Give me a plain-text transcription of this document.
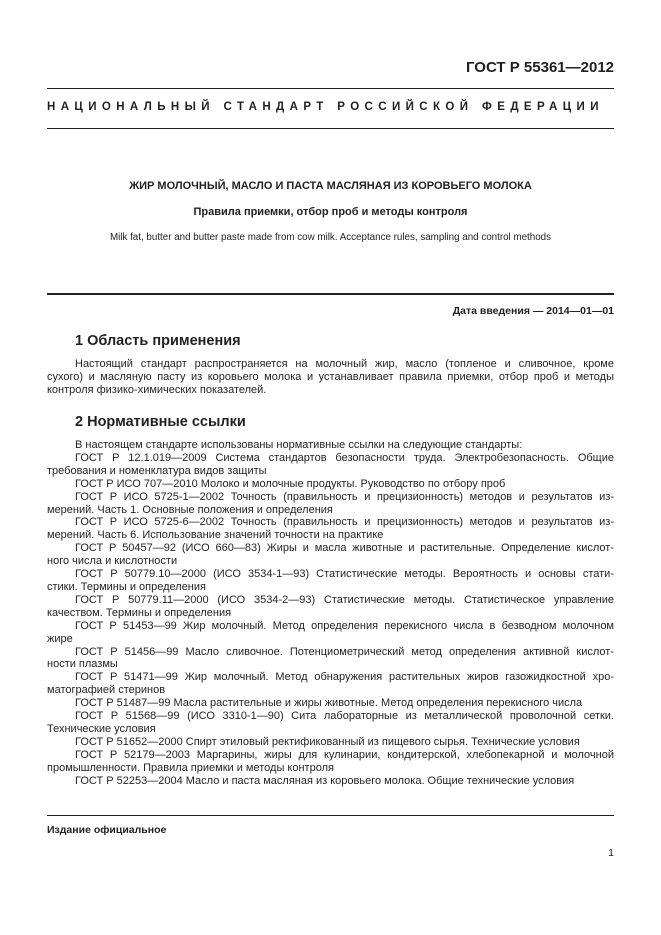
ГОСТ Р 55361—2012
НАЦИОНАЛЬНЫЙ СТАНДАРТ РОССИЙСКОЙ ФЕДЕРАЦИИ
ЖИР МОЛОЧНЫЙ, МАСЛО И ПАСТА МАСЛЯНАЯ ИЗ КОРОВЬЕГО МОЛОКА
Правила приемки, отбор проб и методы контроля
Milk fat, butter and butter paste made from cow milk. Acceptance rules, sampling and control methods
Дата введения — 2014—01—01
1 Область применения

Настоящий стандарт распространяется на молочный жир, масло (топленое и сливочное, кроме
сухого) и масляную пасту из коровьего молока и устанавливает правила приемки, отбор проб и методы
контроля физико-химических показателей.

2 Нормативные ссылки

В настоящем стандарте использованы нормативные ссылки на следующие стандарты:

ГОСТ Р 12.1.019—2009 Система стандартов безопасности труда. Электробезопасность. Общие
требования и номенклатура видов защиты

ГОСТ Р ИСО 707—2010 Молоко и молочные продукты. Руководство по отбору проб

ГОСТ Р ИСО 5725-1—2002 Точность (правильность и прецизионность) методов и результатов из-
мерений. Часть 1. Основные положения и определения

ГОСТ Р ИСО 5725-6—2002 Точность (правильность и прецизионность) методов и результатов из-
мерений. Часть 6. Использование значений точности на практике

ГОСТ Р 50457—92 (ИСО 660—83) Жиры и масла животные и растительные. Определение кислот-
ного числа и кислотности

ГОСТ Р 50779.10—2000 (ИСО 3534-1—93) Статистические методы. Вероятность и основы стати-
стики. Термины и определения

ГОСТ Р 50779.11—2000 (ИСО 3534-2—93) Статистические методы. Статистическое управление
качеством. Термины и определения

ГОСТ Р 51453—99 Жир молочный. Метод определения перекисного числа в безводном молочном
жире

ГОСТ Р 51456—99 Масло сливочное. Потенциометрический метод определения активной кислот-
ности плазмы

ГОСТ Р 51471—99 Жир молочный. Метод обнаружения растительных жиров газожидкостной хро-
матографией стеринов

ГОСТ Р 51487—99 Масла растительные и жиры животные. Метод определения перекисного числа

ГОСТ Р 51568—99 (ИСО 3310-1—90) Сита лабораторные из металлической проволочной сетки.
Технические условия

ГОСТ Р 51652—2000 Спирт этиловый ректификованный из пищевого сырья. Технические условия

ГОСТ Р 52179—2003 Маргарины, жиры для кулинарии, кондитерской, хлебопекарной и молочной
промышленности. Правила приемки и методы контроля

ГОСТ Р 52253—2004 Масло и паста масляная из коровьего молока. Общие технические условия

Издание официальное
1
